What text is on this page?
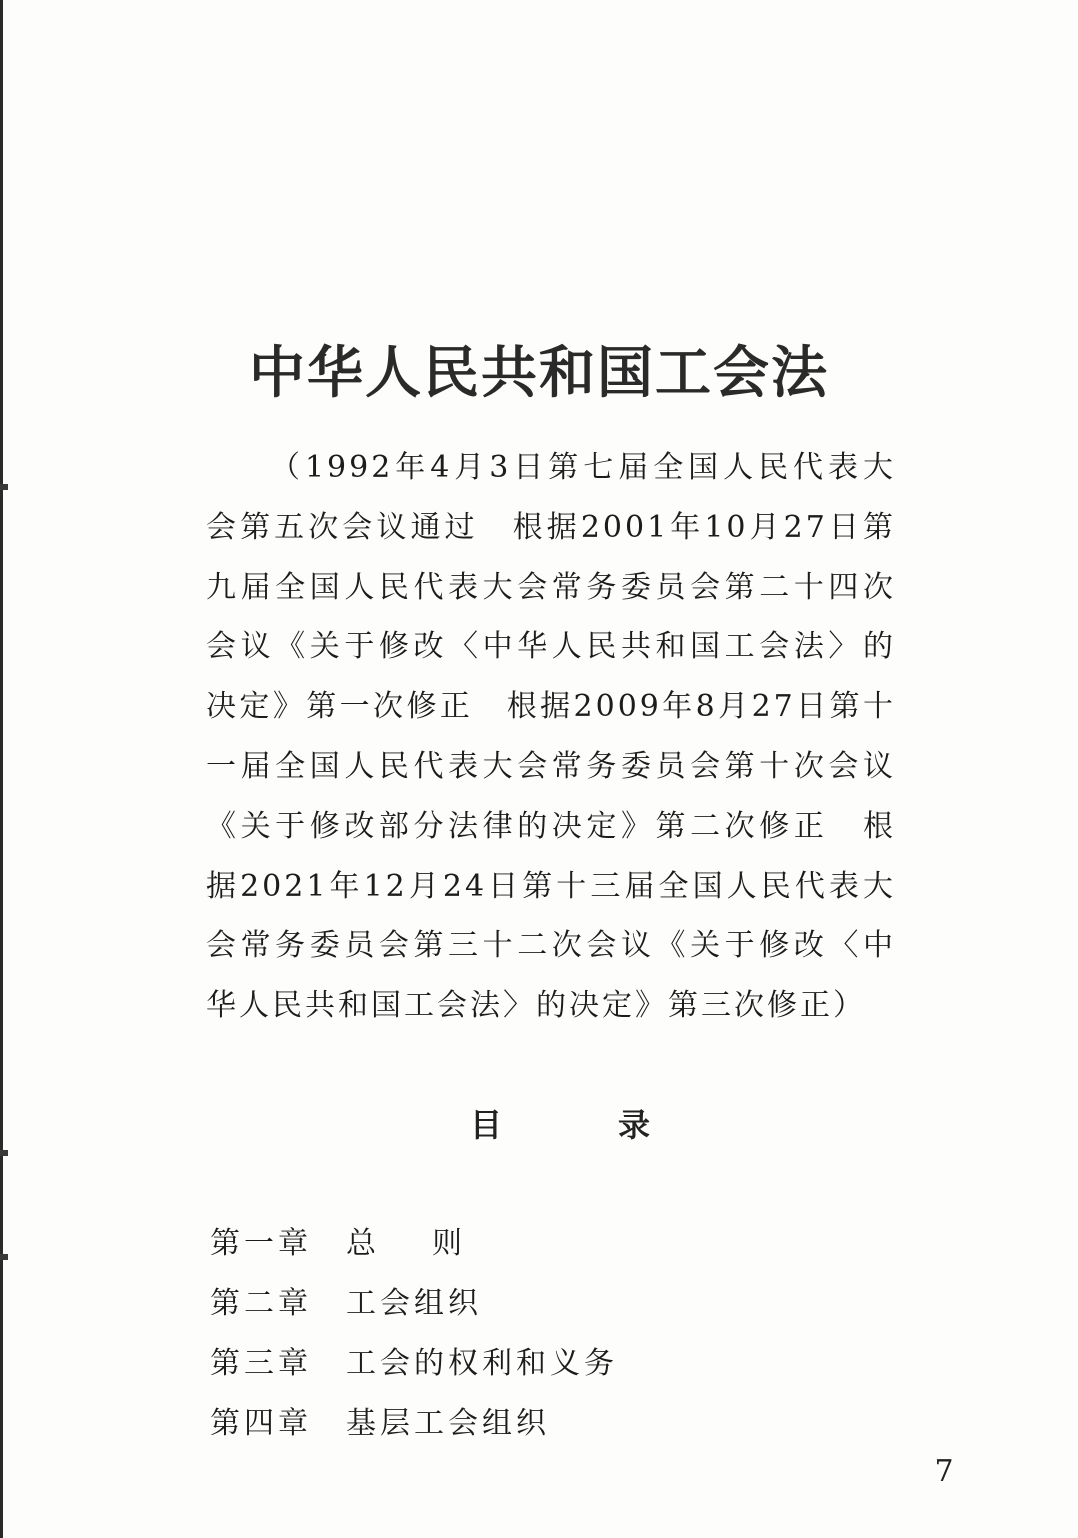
中华人民共和国工会法

（1992年4月3日第七届全国人民代表大会第五次会议通过　根据2001年10月27日第九届全国人民代表大会常务委员会第二十四次会议《关于修改〈中华人民共和国工会法〉的决定》第一次修正　根据2009年8月27日第十一届全国人民代表大会常务委员会第十次会议《关于修改部分法律的决定》第二次修正　根据2021年12月24日第十三届全国人民代表大会常务委员会第三十二次会议《关于修改〈中华人民共和国工会法〉的决定》第三次修正）

目	录
第一章	总则
第二章	工会组织
第三章	工会的权利和义务
第四章	基层工会组织
7
